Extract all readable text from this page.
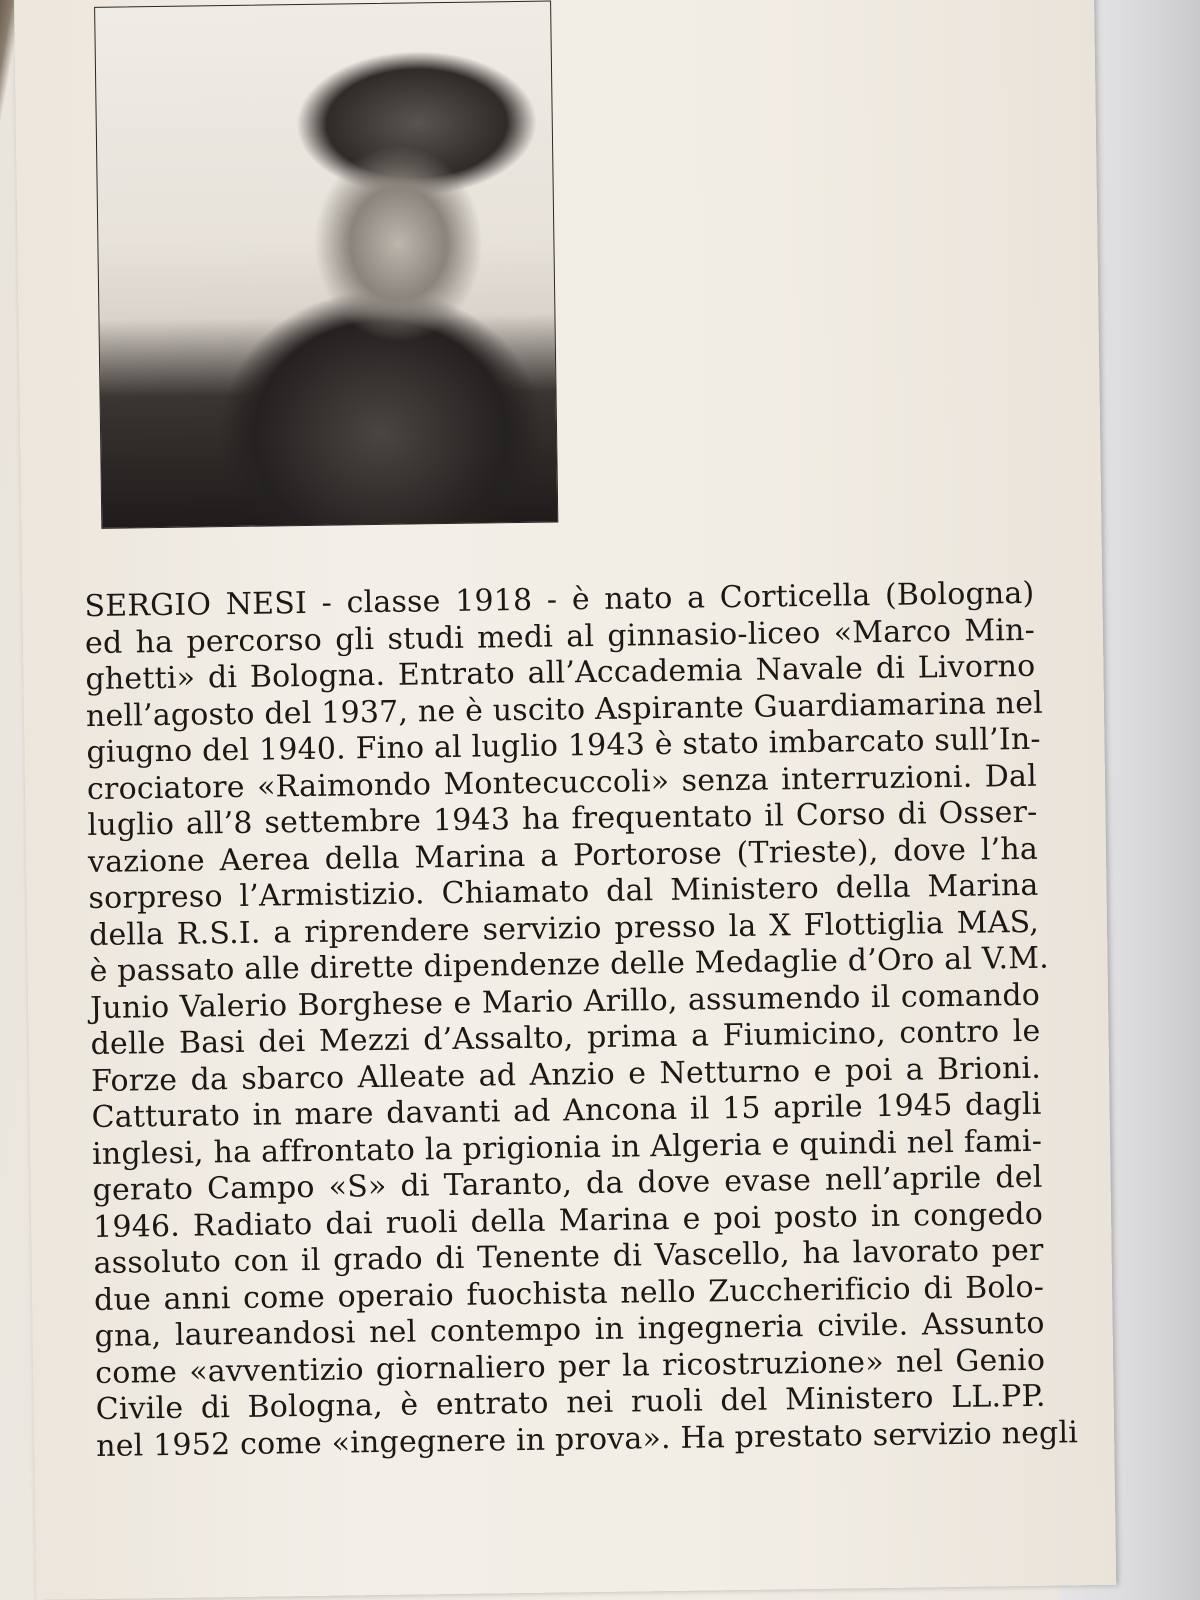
SERGIO NESI - classe 1918 - è nato a Corticella (Bologna)
ed ha percorso gli studi medi al ginnasio-liceo «Marco Min-
ghetti» di Bologna. Entrato all’Accademia Navale di Livorno
nell’agosto del 1937, ne è uscito Aspirante Guardiamarina nel
giugno del 1940. Fino al luglio 1943 è stato imbarcato sull’In-
crociatore «Raimondo Montecuccoli» senza interruzioni. Dal
luglio all’8 settembre 1943 ha frequentato il Corso di Osser-
vazione Aerea della Marina a Portorose (Trieste), dove l’ha
sorpreso l’Armistizio. Chiamato dal Ministero della Marina
della R.S.I. a riprendere servizio presso la X Flottiglia MAS,
è passato alle dirette dipendenze delle Medaglie d’Oro al V.M.
Junio Valerio Borghese e Mario Arillo, assumendo il comando
delle Basi dei Mezzi d’Assalto, prima a Fiumicino, contro le
Forze da sbarco Alleate ad Anzio e Netturno e poi a Brioni.
Catturato in mare davanti ad Ancona il 15 aprile 1945 dagli
inglesi, ha affrontato la prigionia in Algeria e quindi nel fami-
gerato Campo «S» di Taranto, da dove evase nell’aprile del
1946. Radiato dai ruoli della Marina e poi posto in congedo
assoluto con il grado di Tenente di Vascello, ha lavorato per
due anni come operaio fuochista nello Zuccherificio di Bolo-
gna, laureandosi nel contempo in ingegneria civile. Assunto
come «avventizio giornaliero per la ricostruzione» nel Genio
Civile di Bologna, è entrato nei ruoli del Ministero LL.PP.
nel 1952 come «ingegnere in prova». Ha prestato servizio negli
